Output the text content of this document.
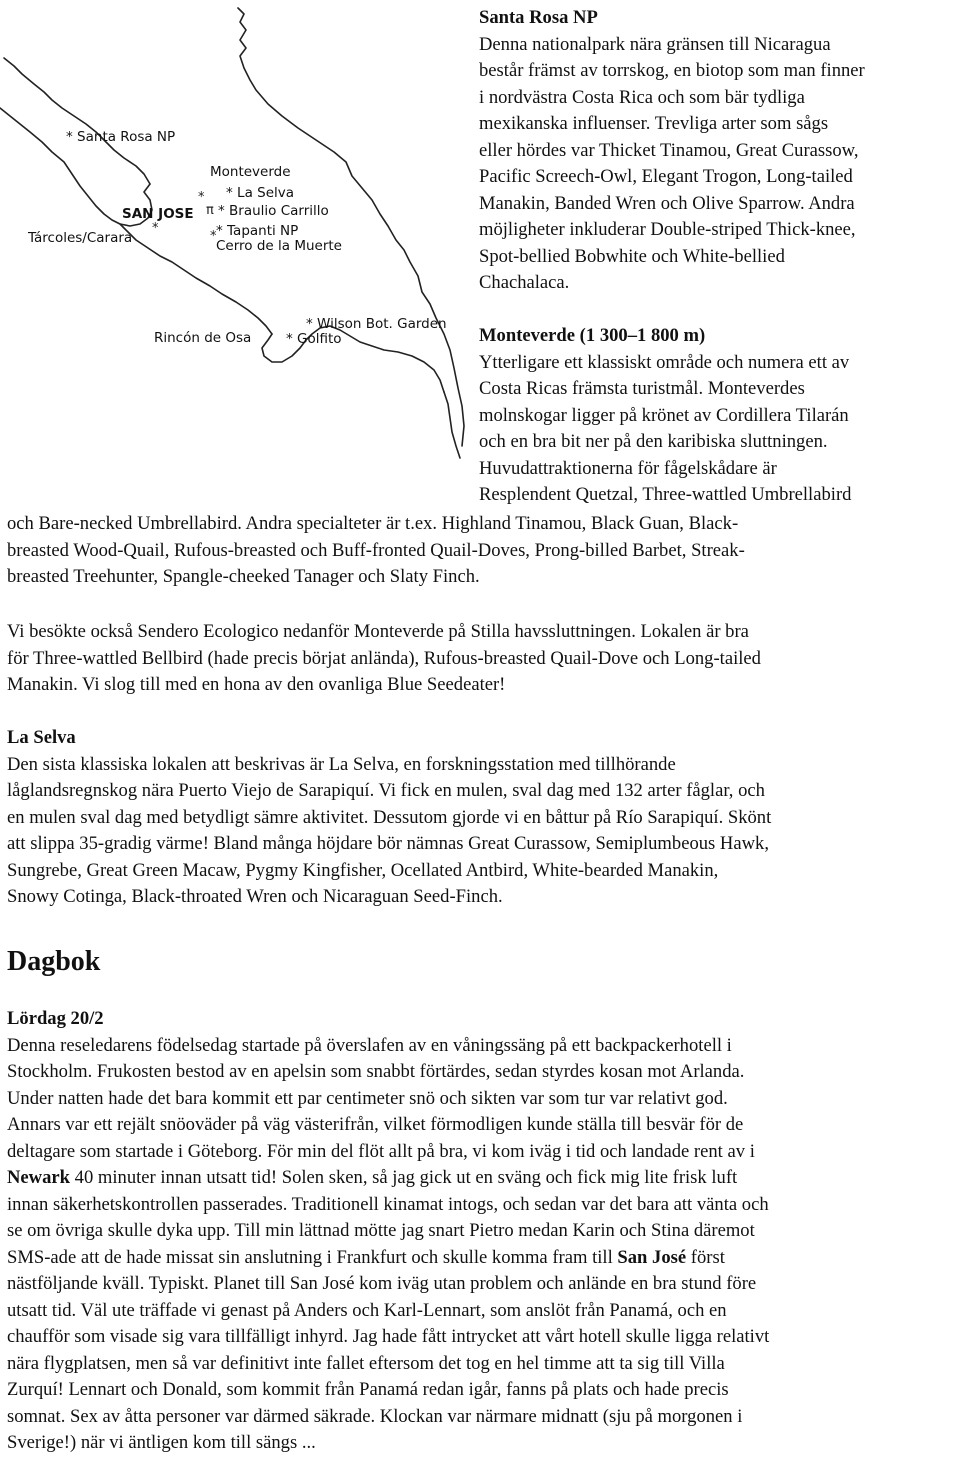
*
*
*
π
* Santa Rosa NP
Monteverde
* La Selva
* Braulio Carrillo
SAN JOSE
* Tapanti NP
Cerro de la Muerte
Tárcoles/Carara
* Wilson Bot. Garden
Rincón de Osa	* Golfito
Santa Rosa NP
Denna nationalpark nära gränsen till Nicaragua
består främst av torrskog, en biotop som man finner
i nordvästra Costa Rica och som bär tydliga
mexikanska influenser. Trevliga arter som sågs
eller hördes var Thicket Tinamou, Great Curassow,
Pacific Screech-Owl, Elegant Trogon, Long-tailed
Manakin, Banded Wren och Olive Sparrow. Andra
möjligheter inkluderar Double-striped Thick-knee,
Spot-bellied Bobwhite och White-bellied
Chachalaca.
Monteverde (1 300–1 800 m)
Ytterligare ett klassiskt område och numera ett av
Costa Ricas främsta turistmål. Monteverdes
molnskogar ligger på krönet av Cordillera Tilarán
och en bra bit ner på den karibiska sluttningen.
Huvudattraktionerna för fågelskådare är
Resplendent Quetzal, Three-wattled Umbrellabird
och Bare-necked Umbrellabird. Andra specialteter är t.ex. Highland Tinamou, Black Guan, Black-
breasted Wood-Quail, Rufous-breasted och Buff-fronted Quail-Doves, Prong-billed Barbet, Streak-
breasted Treehunter, Spangle-cheeked Tanager och Slaty Finch.
Vi besökte också Sendero Ecologico nedanför Monteverde på Stilla havssluttningen. Lokalen är bra
för Three-wattled Bellbird (hade precis börjat anlända), Rufous-breasted Quail-Dove och Long-tailed
Manakin. Vi slog till med en hona av den ovanliga Blue Seedeater!
La Selva
Den sista klassiska lokalen att beskrivas är La Selva, en forskningsstation med tillhörande
låglandsregnskog nära Puerto Viejo de Sarapiquí. Vi fick en mulen, sval dag med 132 arter fåglar, och
en mulen sval dag med betydligt sämre aktivitet. Dessutom gjorde vi en båttur på Río Sarapiquí. Skönt
att slippa 35-gradig värme! Bland många höjdare bör nämnas Great Curassow, Semiplumbeous Hawk,
Sungrebe, Great Green Macaw, Pygmy Kingfisher, Ocellated Antbird, White-bearded Manakin,
Snowy Cotinga, Black-throated Wren och Nicaraguan Seed-Finch.
Dagbok
Lördag 20/2
Denna reseledarens födelsedag startade på överslafen av en våningssäng på ett backpackerhotell i
Stockholm. Frukosten bestod av en apelsin som snabbt förtärdes, sedan styrdes kosan mot Arlanda.
Under natten hade det bara kommit ett par centimeter snö och sikten var som tur var relativt god.
Annars var ett rejält snöoväder på väg västerifrån, vilket förmodligen kunde ställa till besvär för de
deltagare som startade i Göteborg. För min del flöt allt på bra, vi kom iväg i tid och landade rent av i
Newark 40 minuter innan utsatt tid! Solen sken, så jag gick ut en sväng och fick mig lite frisk luft
innan säkerhetskontrollen passerades. Traditionell kinamat intogs, och sedan var det bara att vänta och
se om övriga skulle dyka upp. Till min lättnad mötte jag snart Pietro medan Karin och Stina däremot
SMS-ade att de hade missat sin anslutning i Frankfurt och skulle komma fram till San José först
nästföljande kväll. Typiskt. Planet till San José kom iväg utan problem och anlände en bra stund före
utsatt tid. Väl ute träffade vi genast på Anders och Karl-Lennart, som anslöt från Panamá, och en
chaufför som visade sig vara tillfälligt inhyrd. Jag hade fått intrycket att vårt hotell skulle ligga relativt
nära flygplatsen, men så var definitivt inte fallet eftersom det tog en hel timme att ta sig till Villa
Zurquí! Lennart och Donald, som kommit från Panamá redan igår, fanns på plats och hade precis
somnat. Sex av åtta personer var därmed säkrade. Klockan var närmare midnatt (sju på morgonen i
Sverige!) när vi äntligen kom till sängs ...
